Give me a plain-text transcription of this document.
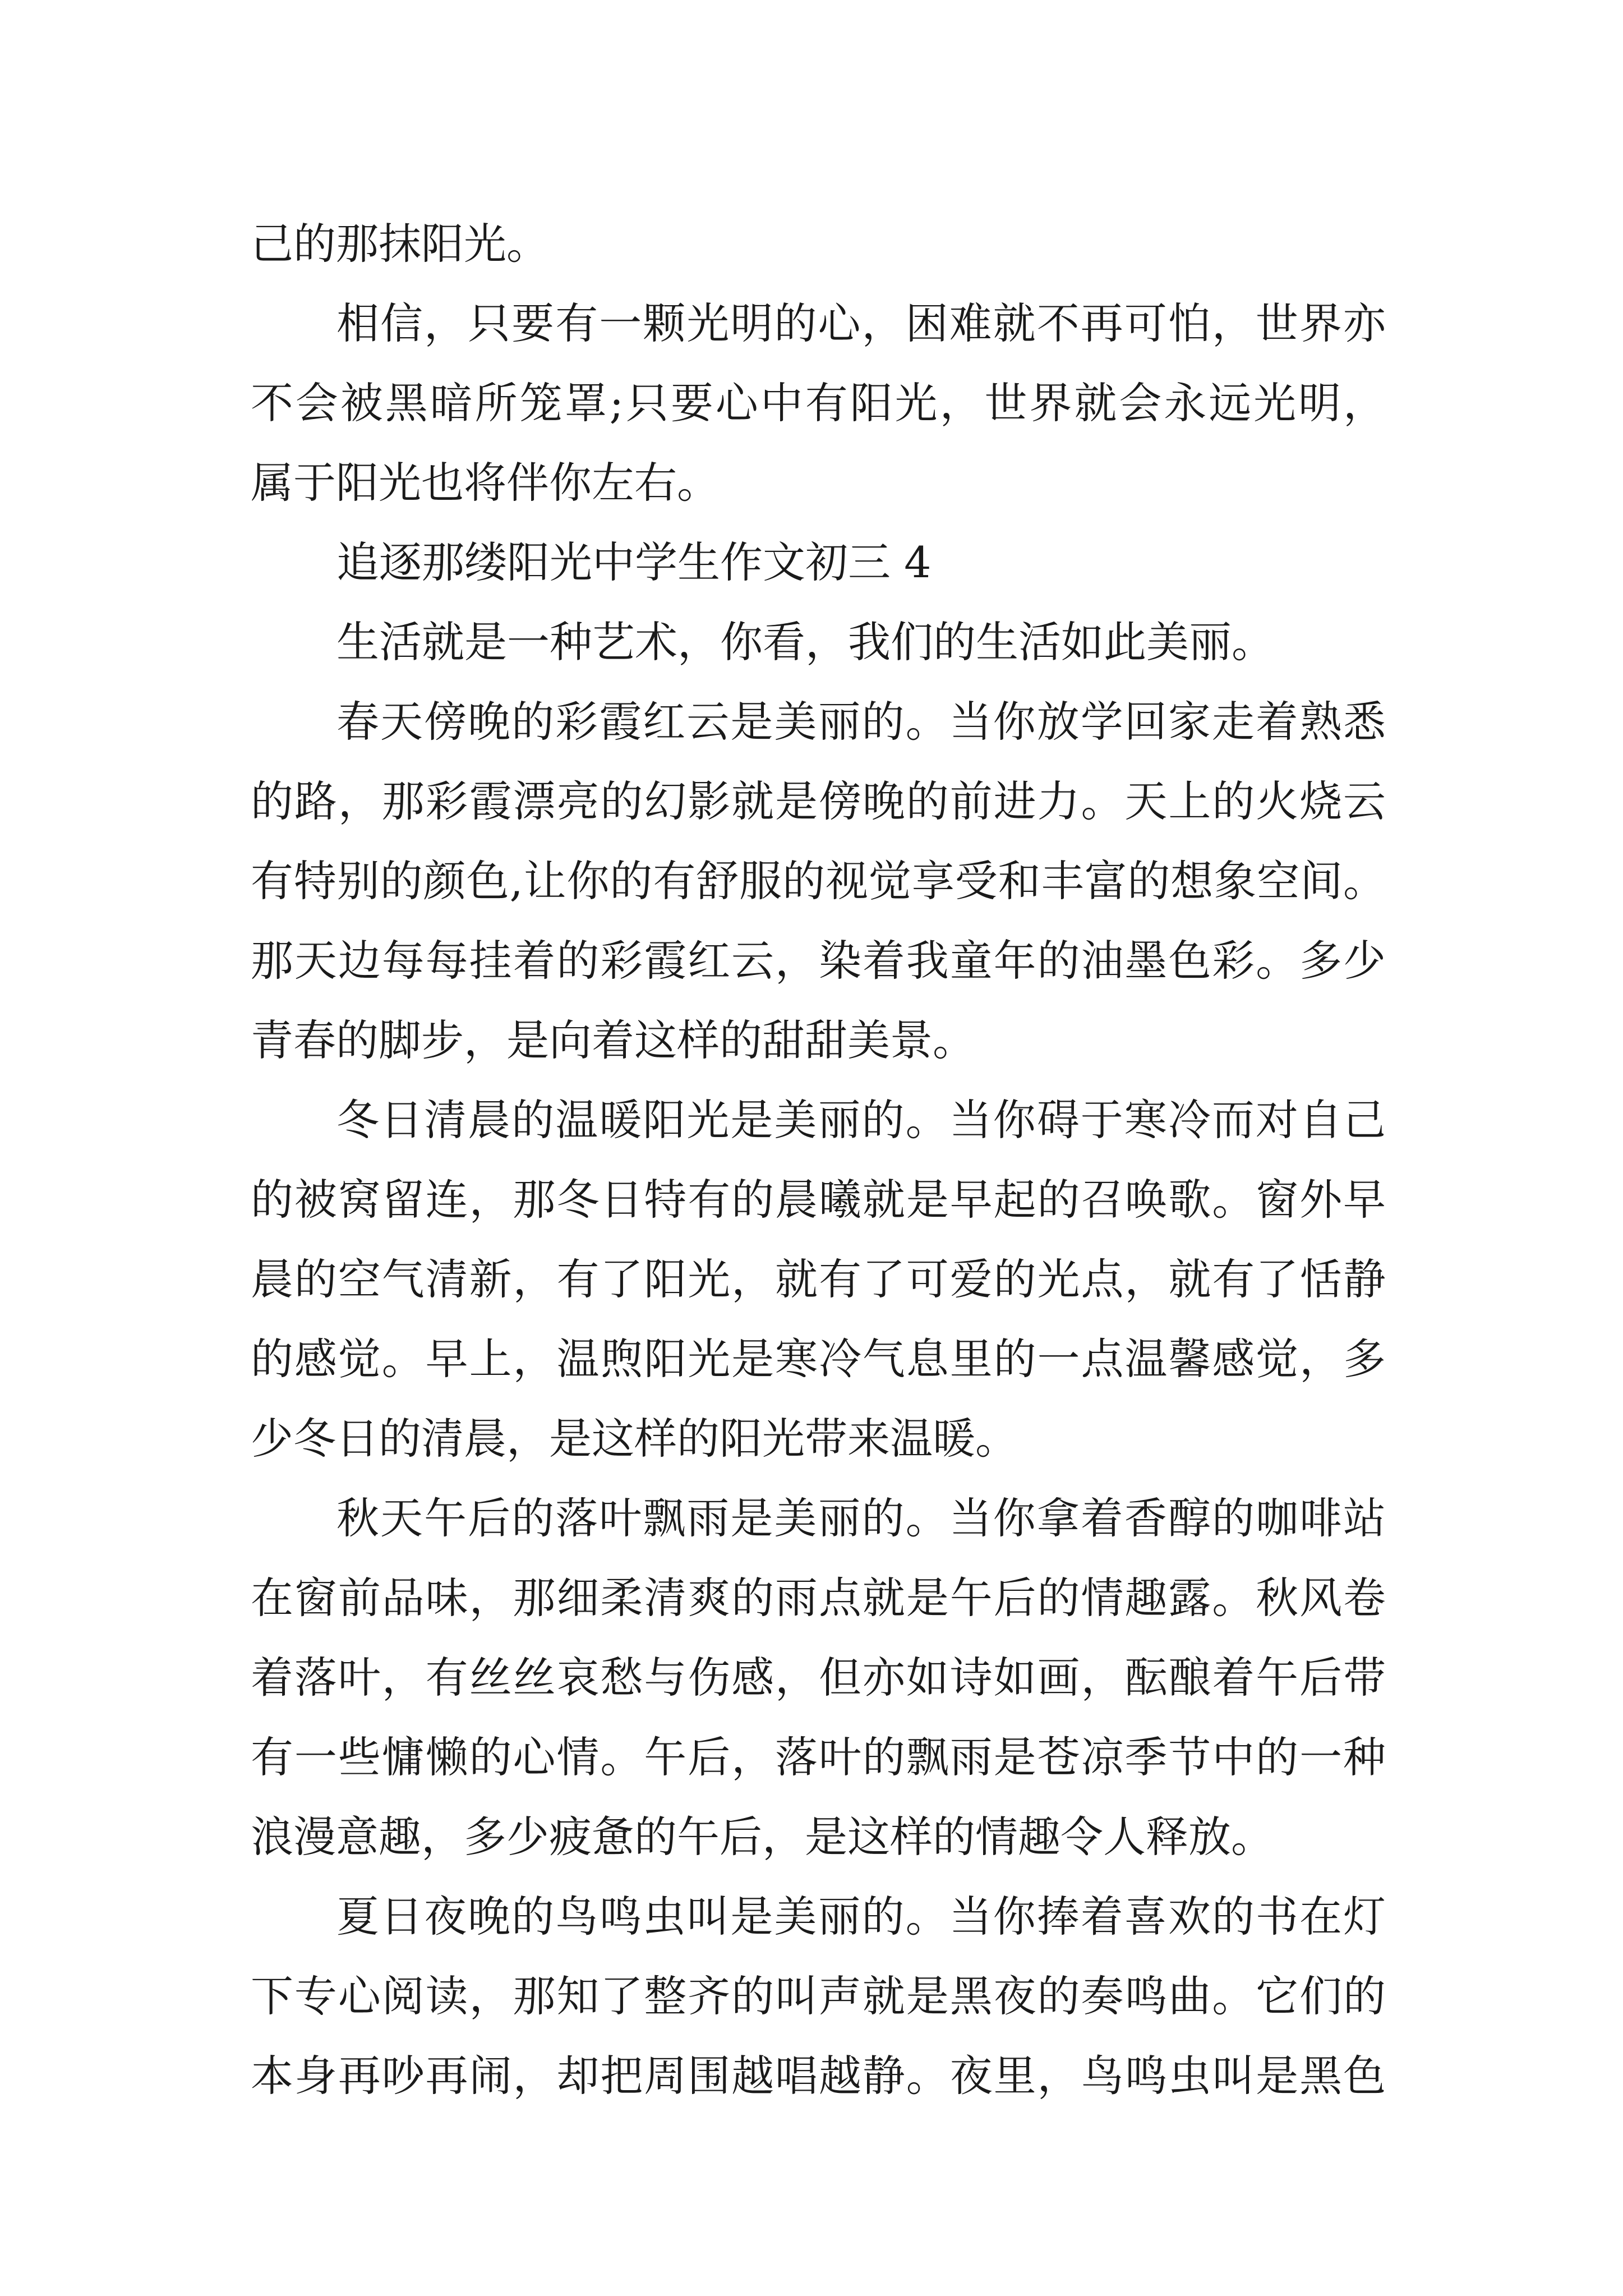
己的那抹阳光。
相信，只要有一颗光明的心，困难就不再可怕，世界亦
不会被黑暗所笼罩;只要心中有阳光，世界就会永远光明，
属于阳光也将伴你左右。
追逐那缕阳光中学生作文初三 4
生活就是一种艺术，你看，我们的生活如此美丽。
春天傍晚的彩霞红云是美丽的。当你放学回家走着熟悉
的路，那彩霞漂亮的幻影就是傍晚的前进力。天上的火烧云
有特别的颜色,让你的有舒服的视觉享受和丰富的想象空间。
那天边每每挂着的彩霞红云，染着我童年的油墨色彩。多少
青春的脚步，是向着这样的甜甜美景。
冬日清晨的温暖阳光是美丽的。当你碍于寒冷而对自己
的被窝留连，那冬日特有的晨曦就是早起的召唤歌。窗外早
晨的空气清新，有了阳光，就有了可爱的光点，就有了恬静
的感觉。早上，温煦阳光是寒冷气息里的一点温馨感觉，多
少冬日的清晨，是这样的阳光带来温暖。
秋天午后的落叶飘雨是美丽的。当你拿着香醇的咖啡站
在窗前品味，那细柔清爽的雨点就是午后的情趣露。秋风卷
着落叶，有丝丝哀愁与伤感，但亦如诗如画，酝酿着午后带
有一些慵懒的心情。午后，落叶的飘雨是苍凉季节中的一种
浪漫意趣，多少疲惫的午后，是这样的情趣令人释放。
夏日夜晚的鸟鸣虫叫是美丽的。当你捧着喜欢的书在灯
下专心阅读，那知了整齐的叫声就是黑夜的奏鸣曲。它们的
本身再吵再闹，却把周围越唱越静。夜里，鸟鸣虫叫是黑色
